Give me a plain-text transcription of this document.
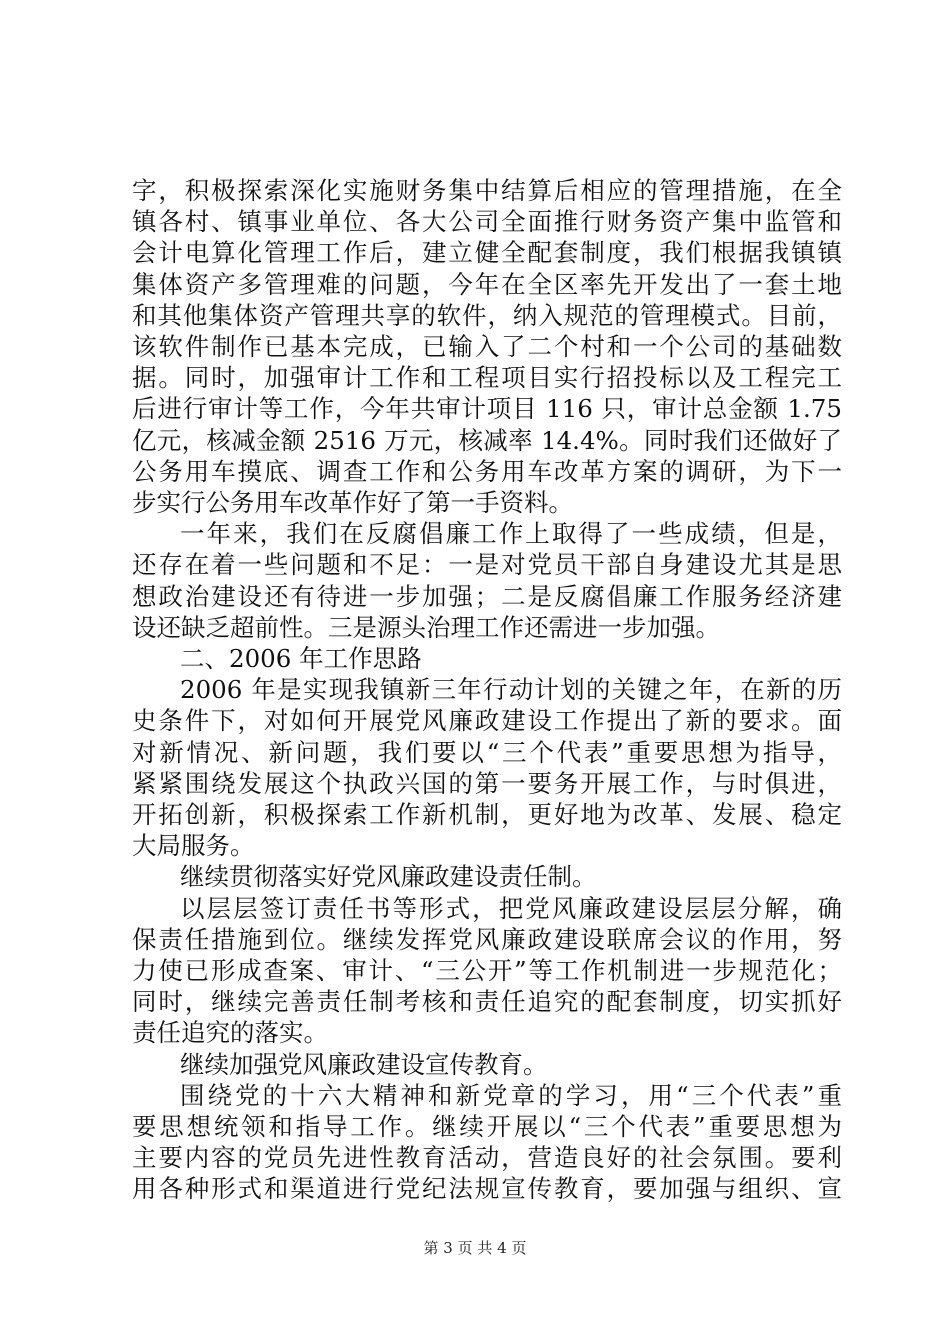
字，积极探索深化实施财务集中结算后相应的管理措施，在全
镇各村、镇事业单位、各大公司全面推行财务资产集中监管和
会计电算化管理工作后，建立健全配套制度，我们根据我镇镇
集体资产多管理难的问题，今年在全区率先开发出了一套土地
和其他集体资产管理共享的软件，纳入规范的管理模式。目前，
该软件制作已基本完成，已输入了二个村和一个公司的基础数
据。同时，加强审计工作和工程项目实行招投标以及工程完工
后进行审计等工作，今年共审计项目 116 只，审计总金额 1.75
亿元，核减金额 2516 万元，核减率 14.4%。同时我们还做好了
公务用车摸底、调查工作和公务用车改革方案的调研，为下一
步实行公务用车改革作好了第一手资料。
一年来，我们在反腐倡廉工作上取得了一些成绩，但是，
还存在着一些问题和不足：一是对党员干部自身建设尤其是思
想政治建设还有待进一步加强；二是反腐倡廉工作服务经济建
设还缺乏超前性。三是源头治理工作还需进一步加强。
二、2006 年工作思路
2006 年是实现我镇新三年行动计划的关键之年，在新的历
史条件下，对如何开展党风廉政建设工作提出了新的要求。面
对新情况、新问题，我们要以“三个代表”重要思想为指导，
紧紧围绕发展这个执政兴国的第一要务开展工作，与时俱进，
开拓创新，积极探索工作新机制，更好地为改革、发展、稳定
大局服务。
继续贯彻落实好党风廉政建设责任制。
以层层签订责任书等形式，把党风廉政建设层层分解，确
保责任措施到位。继续发挥党风廉政建设联席会议的作用，努
力使已形成查案、审计、“三公开”等工作机制进一步规范化；
同时，继续完善责任制考核和责任追究的配套制度，切实抓好
责任追究的落实。
继续加强党风廉政建设宣传教育。
围绕党的十六大精神和新党章的学习，用“三个代表”重
要思想统领和指导工作。继续开展以“三个代表”重要思想为
主要内容的党员先进性教育活动，营造良好的社会氛围。要利
用各种形式和渠道进行党纪法规宣传教育，要加强与组织、宣
第 3 页 共 4 页
